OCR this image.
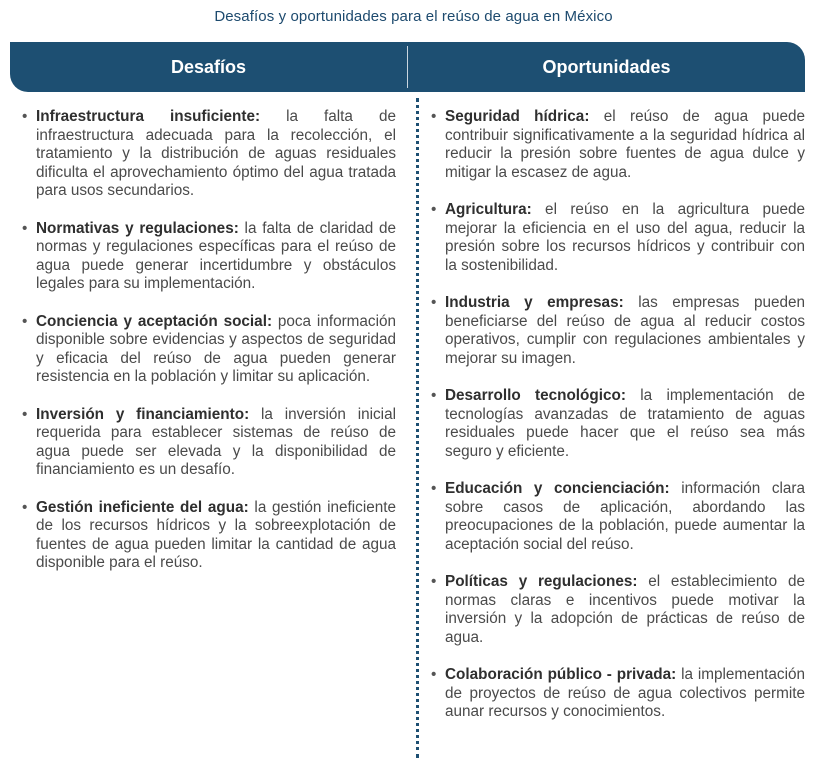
Desafíos y oportunidades para el reúso de agua en México
Desafíos	Oportunidades
• Infraestructura insuficiente: la falta de infraestructura adecuada para la recolección, el tratamiento y la distribución de aguas residuales dificulta el aprovechamiento óptimo del agua tratada para usos secundarios.
• Normativas y regulaciones: la falta de claridad de normas y regulaciones específicas para el reúso de agua puede generar incertidumbre y obstáculos legales para su implementación.
• Conciencia y aceptación social: poca información disponible sobre evidencias y aspectos de seguridad y eficacia del reúso de agua pueden generar resistencia en la población y limitar su aplicación.
• Inversión y financiamiento: la inversión inicial requerida para establecer sistemas de reúso de agua puede ser elevada y la disponibilidad de financiamiento es un desafío.
• Gestión ineficiente del agua: la gestión ineficiente de los recursos hídricos y la sobreexplotación de fuentes de agua pueden limitar la cantidad de agua disponible para el reúso.
• Seguridad hídrica: el reúso de agua puede contribuir significativamente a la seguridad hídrica al reducir la presión sobre fuentes de agua dulce y mitigar la escasez de agua.
• Agricultura: el reúso en la agricultura puede mejorar la eficiencia en el uso del agua, reducir la presión sobre los recursos hídricos y contribuir con la sostenibilidad.
• Industria y empresas: las empresas pueden beneficiarse del reúso de agua al reducir costos operativos, cumplir con regulaciones ambientales y mejorar su imagen.
• Desarrollo tecnológico: la implementación de tecnologías avanzadas de tratamiento de aguas residuales puede hacer que el reúso sea más seguro y eficiente.
• Educación y concienciación: información clara sobre casos de aplicación, abordando las preocupaciones de la población, puede aumentar la aceptación social del reúso.
• Políticas y regulaciones: el establecimiento de normas claras e incentivos puede motivar la inversión y la adopción de prácticas de reúso de agua.
• Colaboración público - privada: la implementación de proyectos de reúso de agua colectivos permite aunar recursos y conocimientos.
